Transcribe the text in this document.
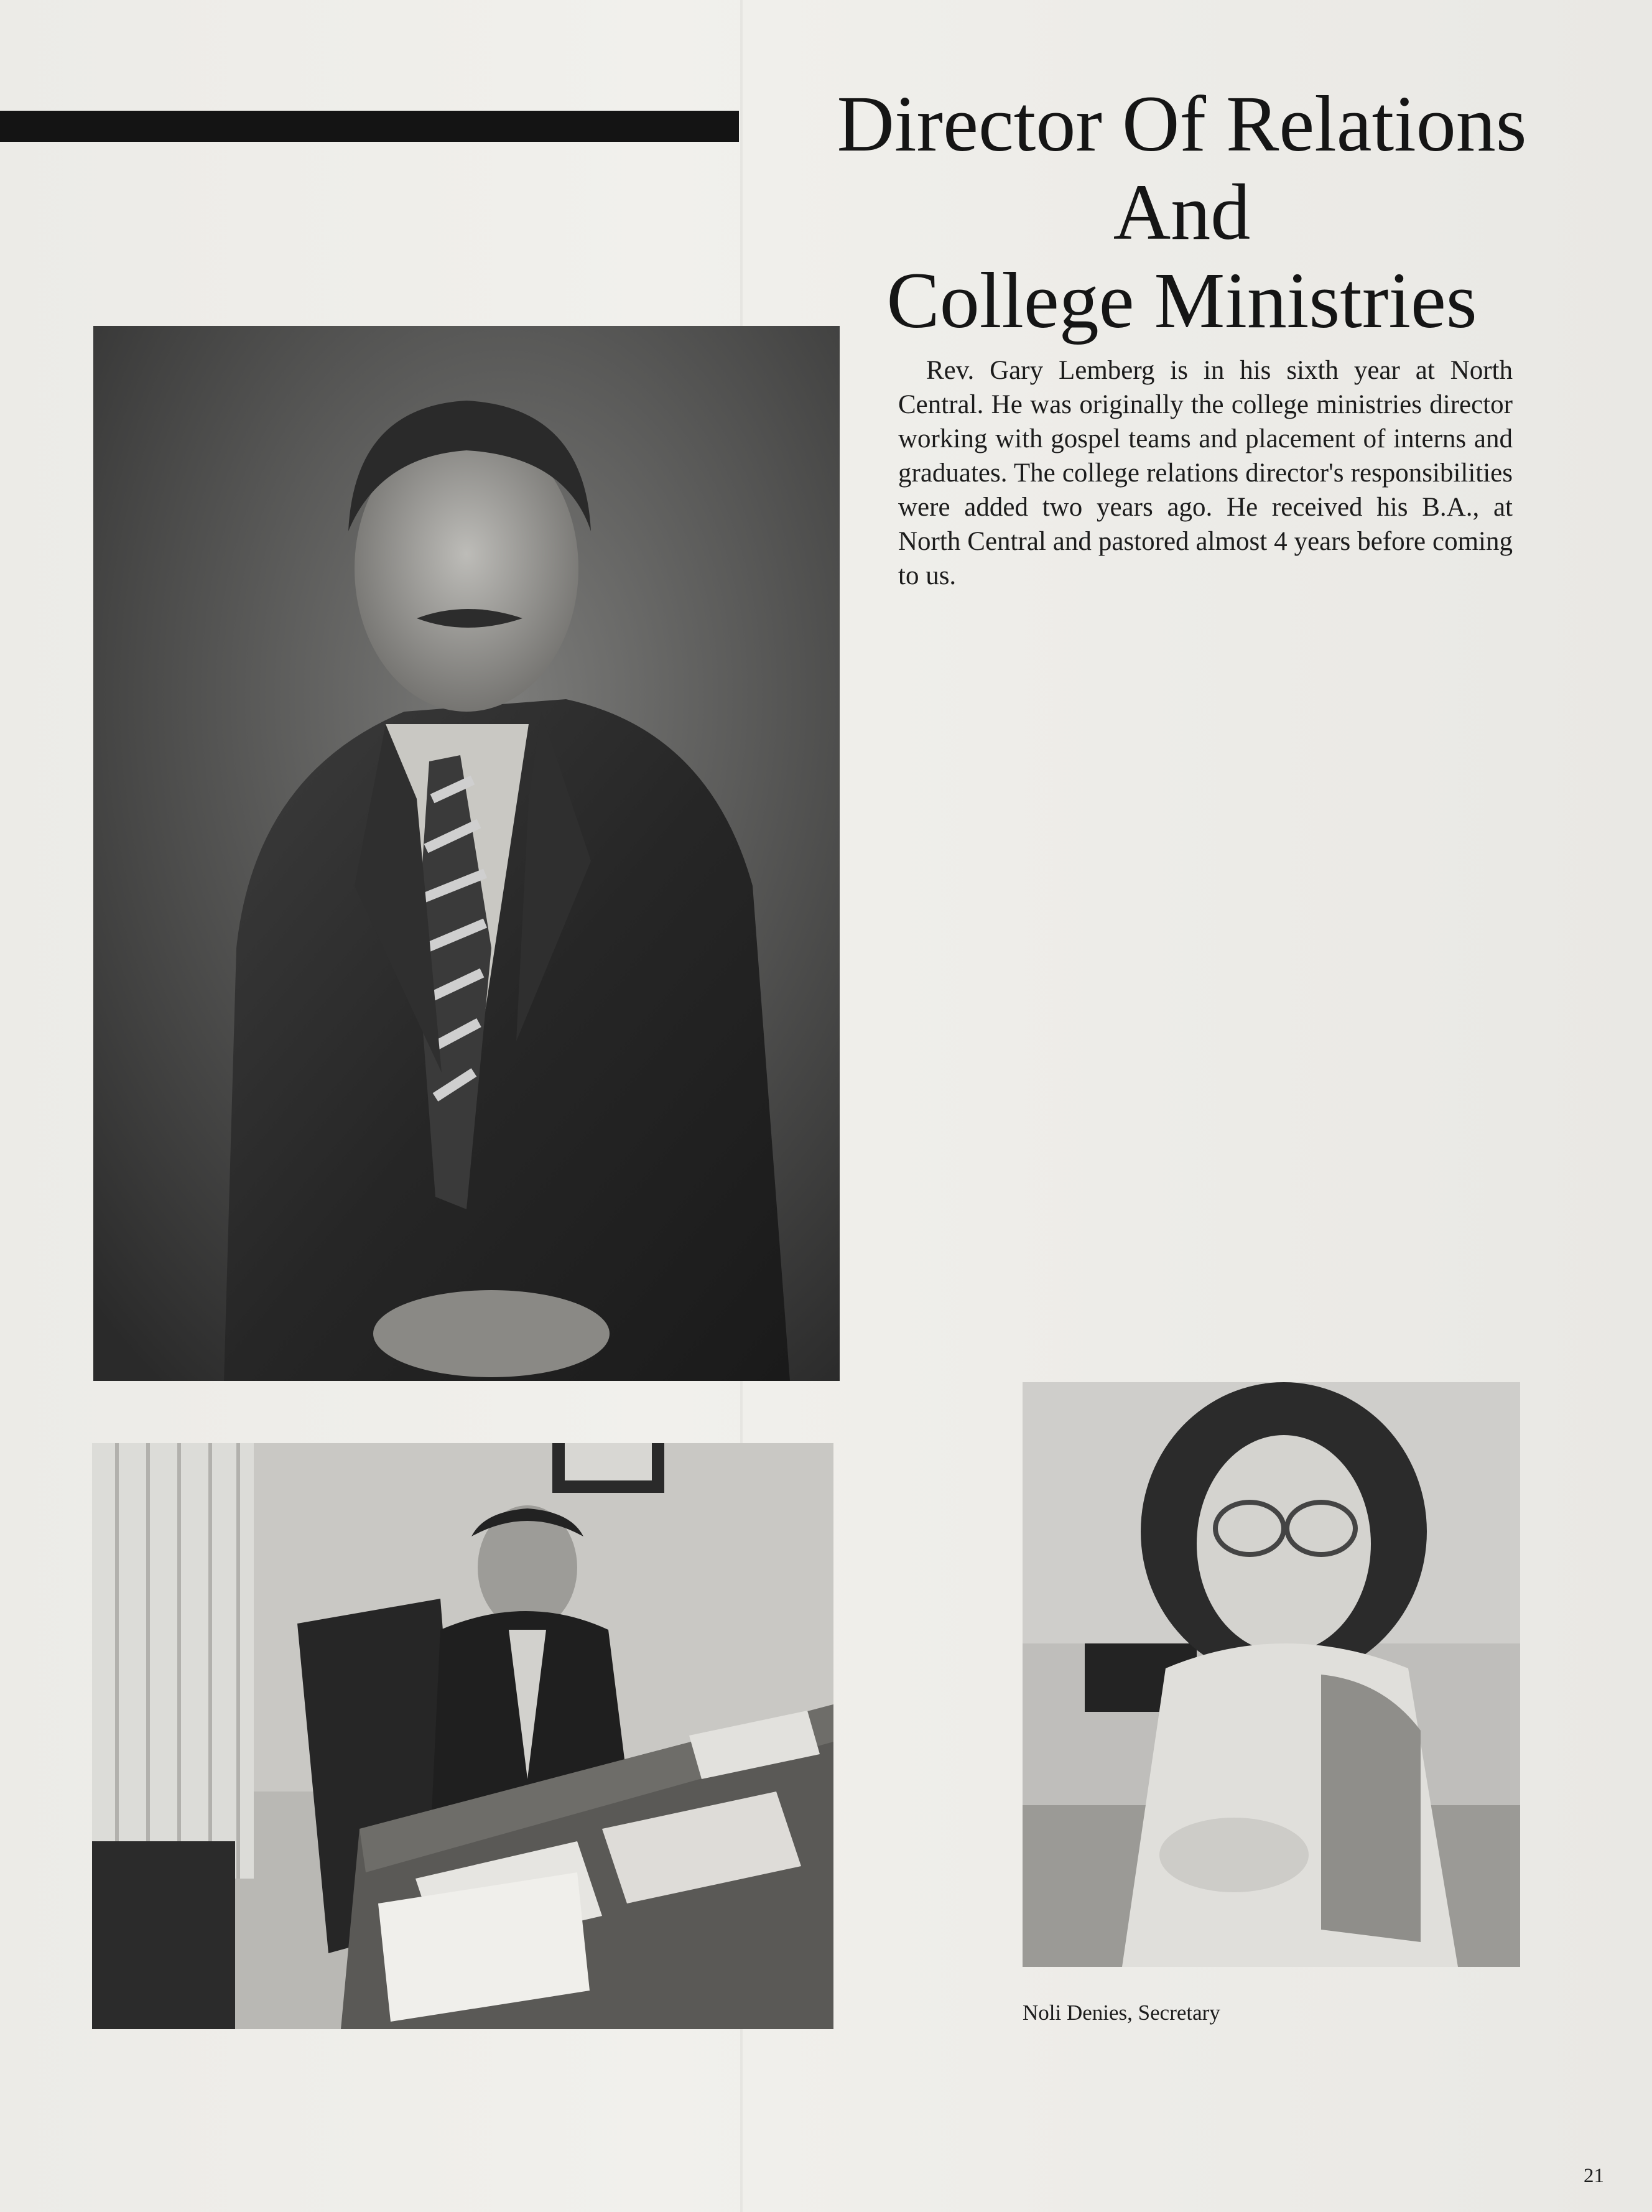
Director Of Relations
And
College Ministries

Rev. Gary Lemberg is in his sixth year at North Central. He was originally the college ministries director working with gospel teams and placement of interns and graduates. The college relations director's responsibilities were added two years ago. He received his B.A., at North Central and pastored almost 4 years before coming to us.

Noli Denies, Secretary
21
